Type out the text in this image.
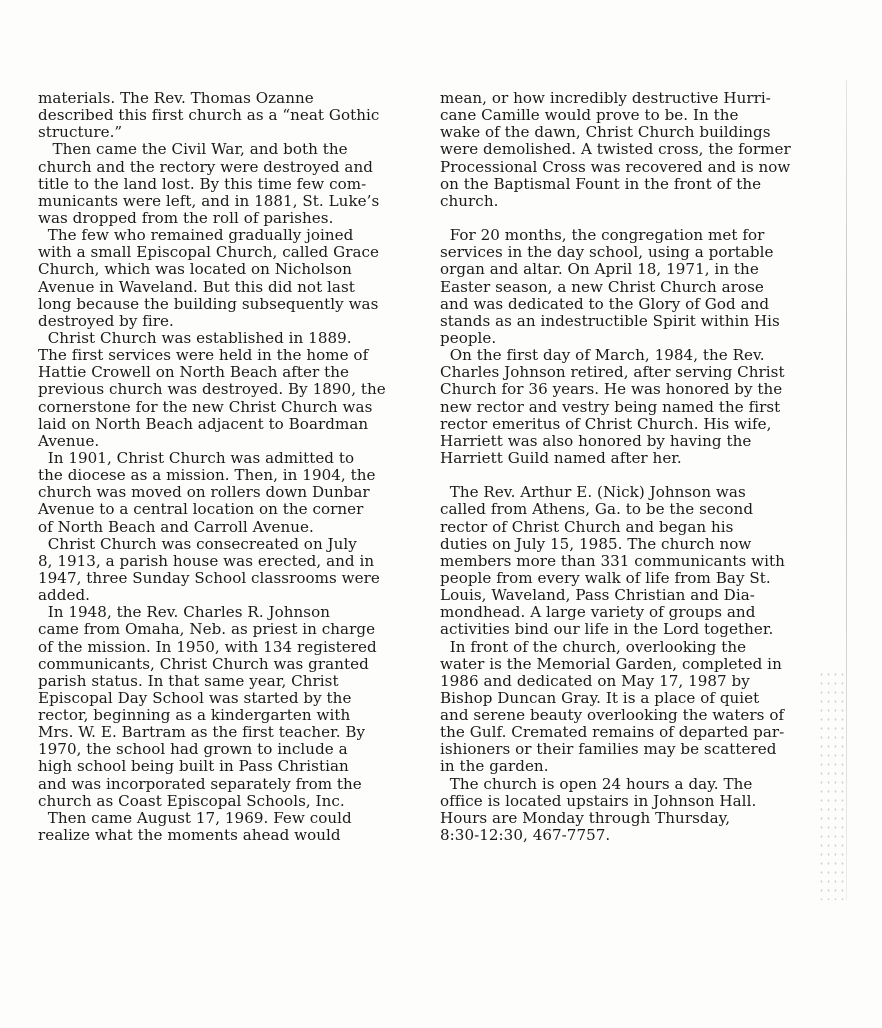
materials. The Rev. Thomas Ozanne
described this first church as a “neat Gothic
structure.”
Then came the Civil War, and both the
church and the rectory were destroyed and
title to the land lost. By this time few com-
municants were left, and in 1881, St. Luke’s
was dropped from the roll of parishes.
The few who remained gradually joined
with a small Episcopal Church, called Grace
Church, which was located on Nicholson
Avenue in Waveland. But this did not last
long because the building subsequently was
destroyed by fire.
Christ Church was established in 1889.
The first services were held in the home of
Hattie Crowell on North Beach after the
previous church was destroyed. By 1890, the
cornerstone for the new Christ Church was
laid on North Beach adjacent to Boardman
Avenue.
In 1901, Christ Church was admitted to
the diocese as a mission. Then, in 1904, the
church was moved on rollers down Dunbar
Avenue to a central location on the corner
of North Beach and Carroll Avenue.
Christ Church was consecreated on July
8, 1913, a parish house was erected, and in
1947, three Sunday School classrooms were
added.
In 1948, the Rev. Charles R. Johnson
came from Omaha, Neb. as priest in charge
of the mission. In 1950, with 134 registered
communicants, Christ Church was granted
parish status. In that same year, Christ
Episcopal Day School was started by the
rector, beginning as a kindergarten with
Mrs. W. E. Bartram as the first teacher. By
1970, the school had grown to include a
high school being built in Pass Christian
and was incorporated separately from the
church as Coast Episcopal Schools, Inc.
Then came August 17, 1969. Few could
realize what the moments ahead would
mean, or how incredibly destructive Hurri-
cane Camille would prove to be. In the
wake of the dawn, Christ Church buildings
were demolished. A twisted cross, the former
Processional Cross was recovered and is now
on the Baptismal Fount in the front of the
church.
For 20 months, the congregation met for
services in the day school, using a portable
organ and altar. On April 18, 1971, in the
Easter season, a new Christ Church arose
and was dedicated to the Glory of God and
stands as an indestructible Spirit within His
people.
On the first day of March, 1984, the Rev.
Charles Johnson retired, after serving Christ
Church for 36 years. He was honored by the
new rector and vestry being named the first
rector emeritus of Christ Church. His wife,
Harriett was also honored by having the
Harriett Guild named after her.
The Rev. Arthur E. (Nick) Johnson was
called from Athens, Ga. to be the second
rector of Christ Church and began his
duties on July 15, 1985. The church now
members more than 331 communicants with
people from every walk of life from Bay St.
Louis, Waveland, Pass Christian and Dia-
mondhead. A large variety of groups and
activities bind our life in the Lord together.
In front of the church, overlooking the
water is the Memorial Garden, completed in
1986 and dedicated on May 17, 1987 by
Bishop Duncan Gray. It is a place of quiet
and serene beauty overlooking the waters of
the Gulf. Cremated remains of departed par-
ishioners or their families may be scattered
in the garden.
The church is open 24 hours a day. The
office is located upstairs in Johnson Hall.
Hours are Monday through Thursday,
8:30-12:30, 467-7757.
